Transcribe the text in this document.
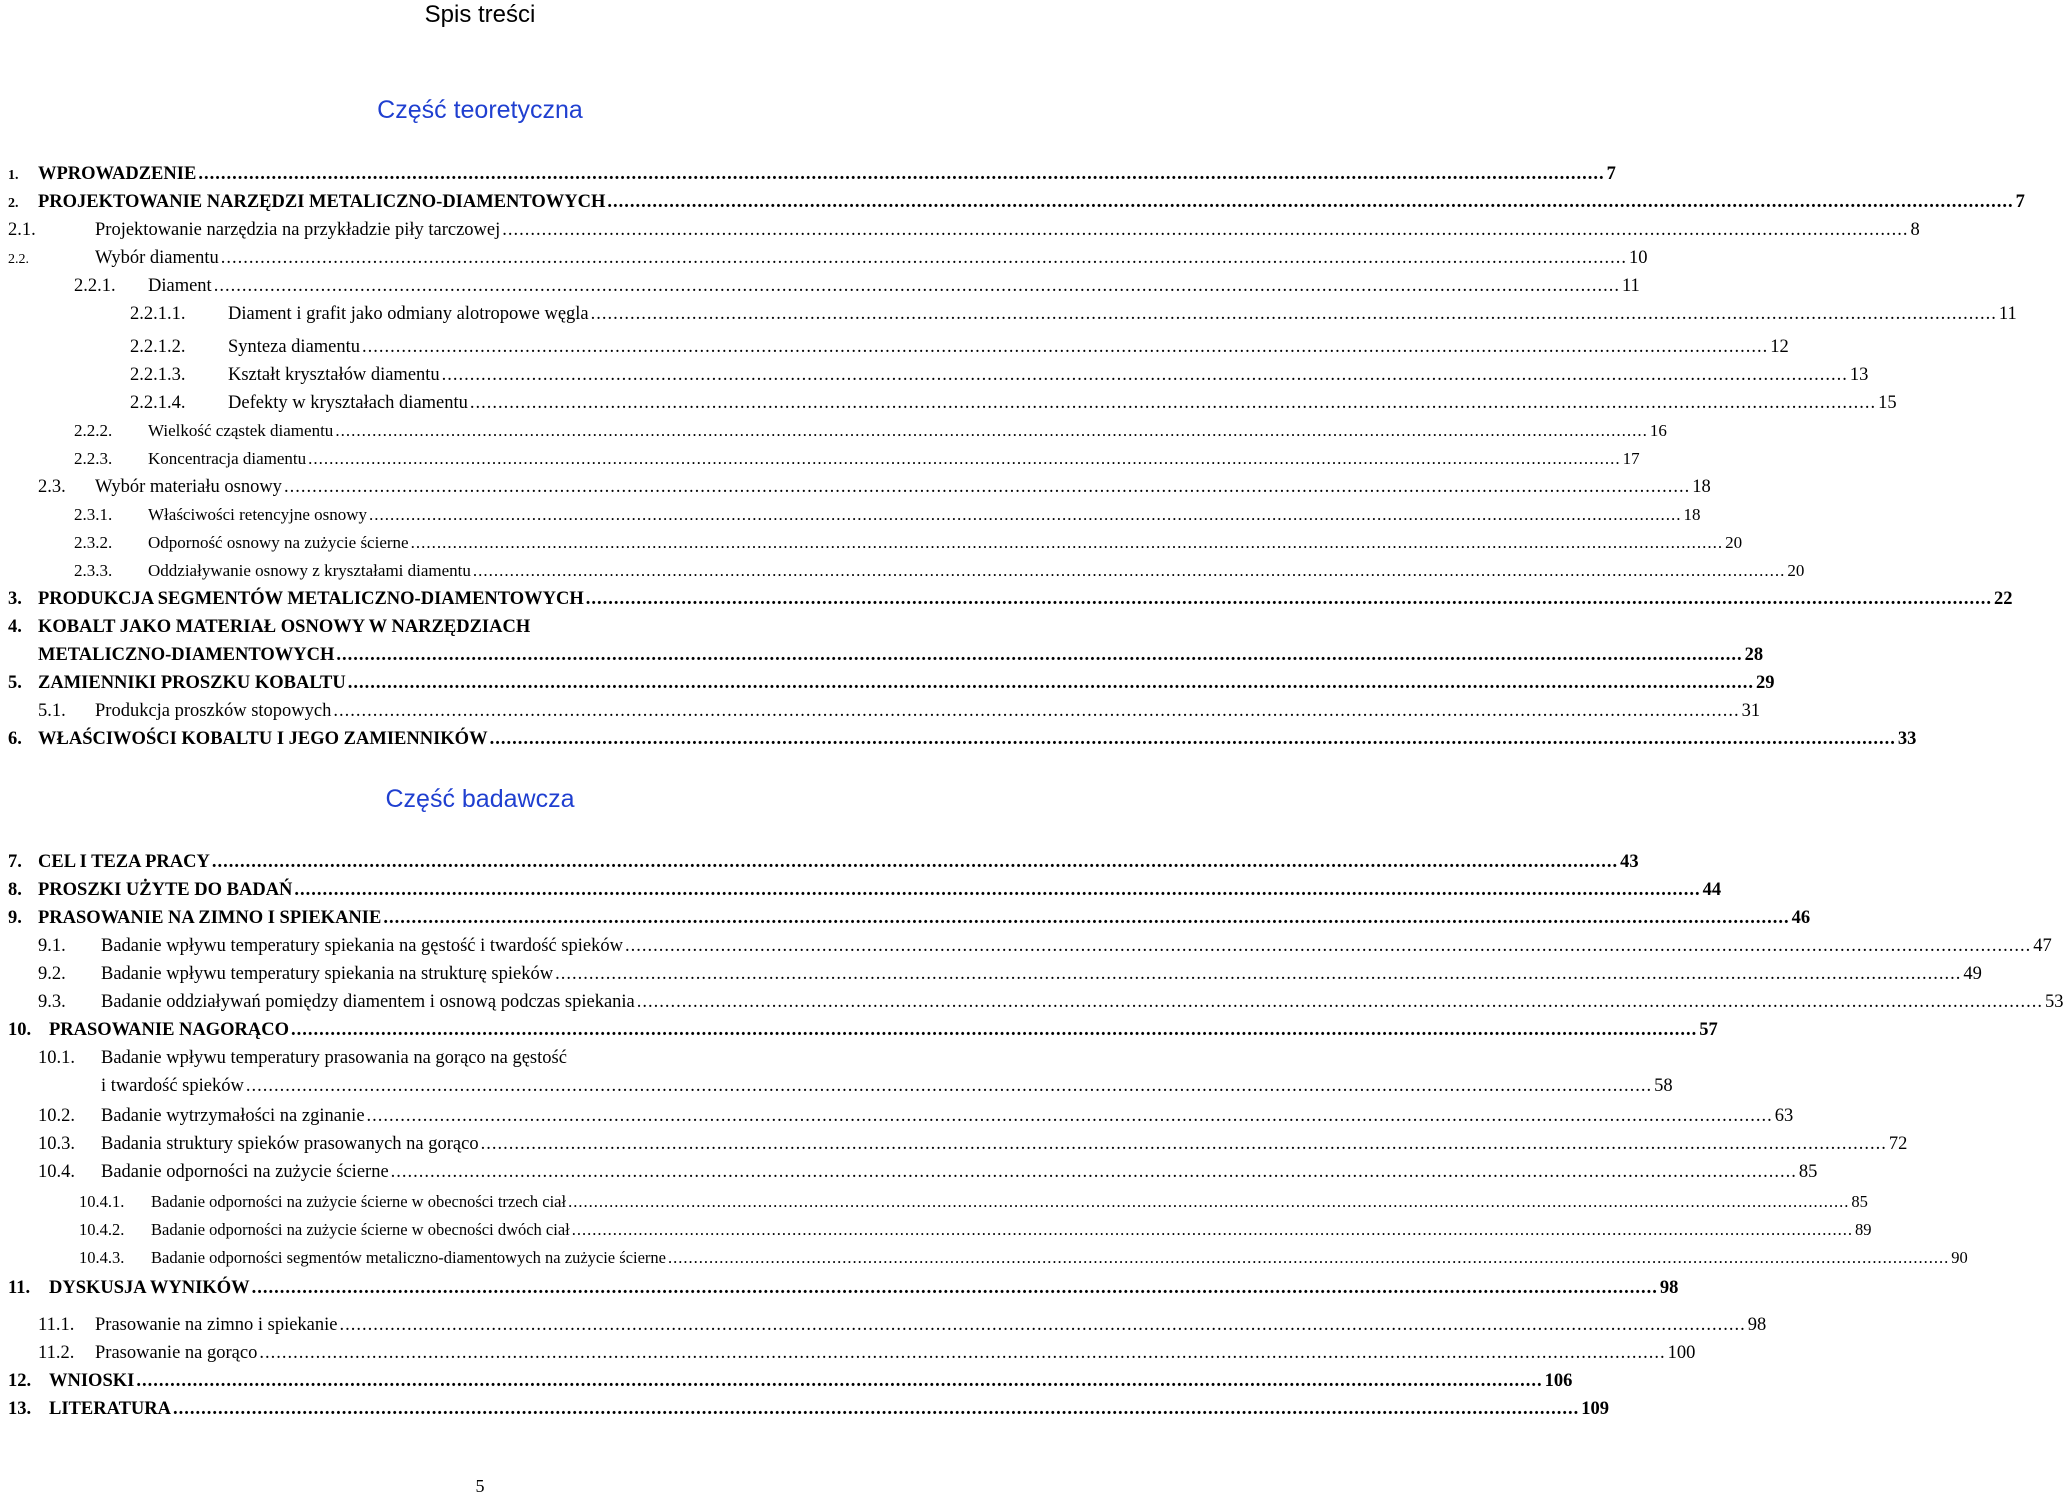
Spis treści
Część teoretyczna
1.	WPROWADZENIE .....	7
2.	PROJEKTOWANIE NARZĘDZI METALICZNO-DIAMENTOWYCH .....	7
2.1.	Projektowanie narzędzia na przykładzie piły tarczowej .....	8
2.2.	Wybór diamentu .....	10
2.2.1.	Diament .....	11
2.2.1.1.	Diament i grafit jako odmiany alotropowe węgla .....	11
2.2.1.2.	Synteza diamentu .....	12
2.2.1.3.	Kształt kryształów diamentu .....	13
2.2.1.4.	Defekty w kryształach diamentu .....	15
2.2.2.	Wielkość cząstek diamentu .....	16
2.2.3.	Koncentracja diamentu .....	17
2.3.	Wybór materiału osnowy .....	18
2.3.1.	Właściwości retencyjne osnowy .....	18
2.3.2.	Odporność osnowy na zużycie ścierne .....	20
2.3.3.	Oddziaływanie osnowy z kryształami diamentu .....	20
3. PRODUKCJA SEGMENTÓW METALICZNO-DIAMENTOWYCH .....	22
4. KOBALT JAKO MATERIAŁ OSNOWY W NARZĘDZIACH
METALICZNO-DIAMENTOWYCH .....	28
5. ZAMIENNIKI PROSZKU KOBALTU .....	29
5.1.	Produkcja proszków stopowych .....	31
6. WŁAŚCIWOŚCI KOBALTU I JEGO ZAMIENNIKÓW .....	33
Część badawcza
7. CEL I TEZA PRACY .....	43
8. PROSZKI UŻYTE DO BADAŃ .....	44
9. PRASOWANIE NA ZIMNO I SPIEKANIE .....	46
9.1.	Badanie wpływu temperatury spiekania na gęstość i twardość spieków .....	47
9.2.	Badanie wpływu temperatury spiekania na strukturę spieków .....	49
9.3.	Badanie oddziaływań pomiędzy diamentem i osnową podczas spiekania .....	53
10. PRASOWANIE NAGORĄCO .....	57
10.1. Badanie wpływu temperatury prasowania na gorąco na gęstość
i twardość spieków .....	58
10.2.	Badanie wytrzymałości na zginanie .....	63
10.3.	Badania struktury spieków prasowanych na gorąco .....	72
10.4.	Badanie odporności na zużycie ścierne .....	85
10.4.1.	Badanie odporności na zużycie ścierne w obecności trzech ciał .....	85
10.4.2.	Badanie odporności na zużycie ścierne w obecności dwóch ciał .....	89
10.4.3.	Badanie odporności segmentów metaliczno-diamentowych na zużycie ścierne .....	90
11.	DYSKUSJA WYNIKÓW .....	98
11.1.	Prasowanie na zimno i spiekanie .....	98
11.2.	Prasowanie na gorąco .....	100
12. WNIOSKI .....	106
13. LITERATURA .....	109
5
